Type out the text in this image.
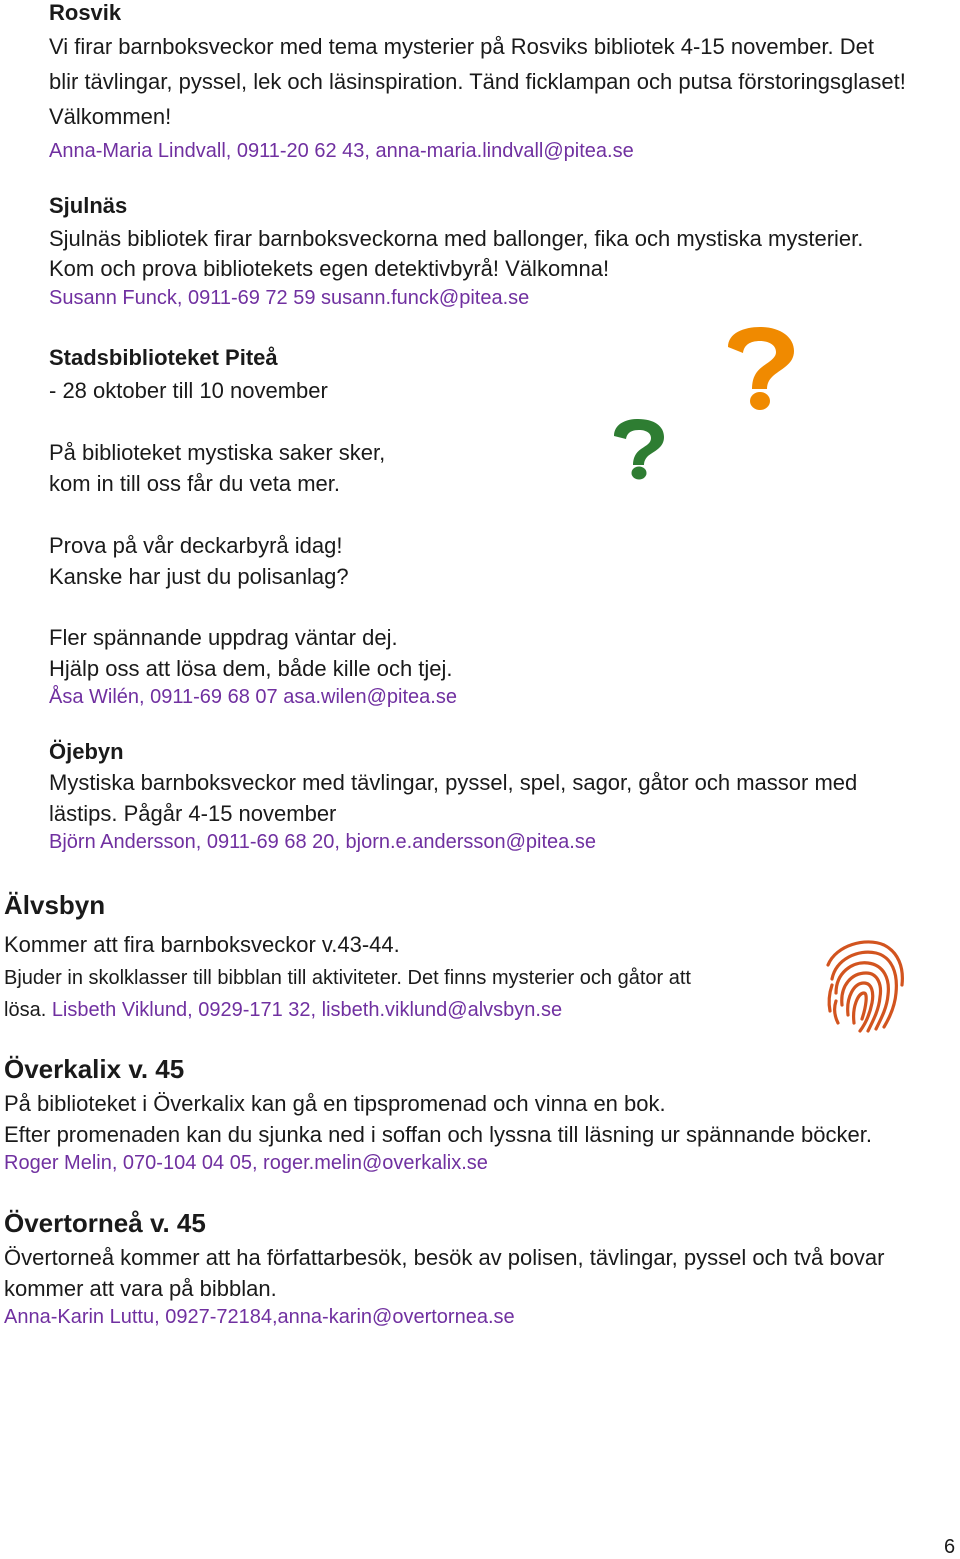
Rosvik
Vi firar barnboksveckor med tema mysterier på Rosviks bibliotek 4-15 november. Det
blir tävlingar, pyssel, lek och läsinspiration. Tänd ficklampan och putsa förstoringsglaset!
Välkommen!
Anna-Maria Lindvall, 0911-20 62 43, anna-maria.lindvall@pitea.se
Sjulnäs
Sjulnäs bibliotek firar barnboksveckorna med ballonger, fika och mystiska mysterier.
Kom och prova bibliotekets egen detektivbyrå! Välkomna!
Susann Funck, 0911-69 72 59 susann.funck@pitea.se
Stadsbiblioteket Piteå
- 28 oktober till 10 november
På biblioteket mystiska saker sker,
kom in till oss får du veta mer.
Prova på vår deckarbyrå idag!
Kanske har just du polisanlag?
Fler spännande uppdrag väntar dej.
Hjälp oss att lösa dem, både kille och tjej.
Åsa Wilén, 0911-69 68 07 asa.wilen@pitea.se
Öjebyn
Mystiska barnboksveckor med tävlingar, pyssel, spel, sagor, gåtor och massor med
lästips. Pågår 4-15 november
Björn Andersson, 0911-69 68 20, bjorn.e.andersson@pitea.se
Älvsbyn
Kommer att fira barnboksveckor v.43-44.
Bjuder in skolklasser till bibblan till aktiviteter. Det finns mysterier och gåtor att
lösa. Lisbeth Viklund, 0929-171 32, lisbeth.viklund@alvsbyn.se
Överkalix v. 45
På biblioteket i Överkalix kan gå en tipspromenad och vinna en bok.
Efter promenaden kan du sjunka ned i soffan och lyssna till läsning ur spännande böcker.
Roger Melin, 070-104 04 05, roger.melin@overkalix.se
Övertorneå v. 45
Övertorneå kommer att ha författarbesök, besök av polisen, tävlingar, pyssel och två bovar
kommer att vara på bibblan.
Anna-Karin Luttu, 0927-72184,anna-karin@overtornea.se
6
